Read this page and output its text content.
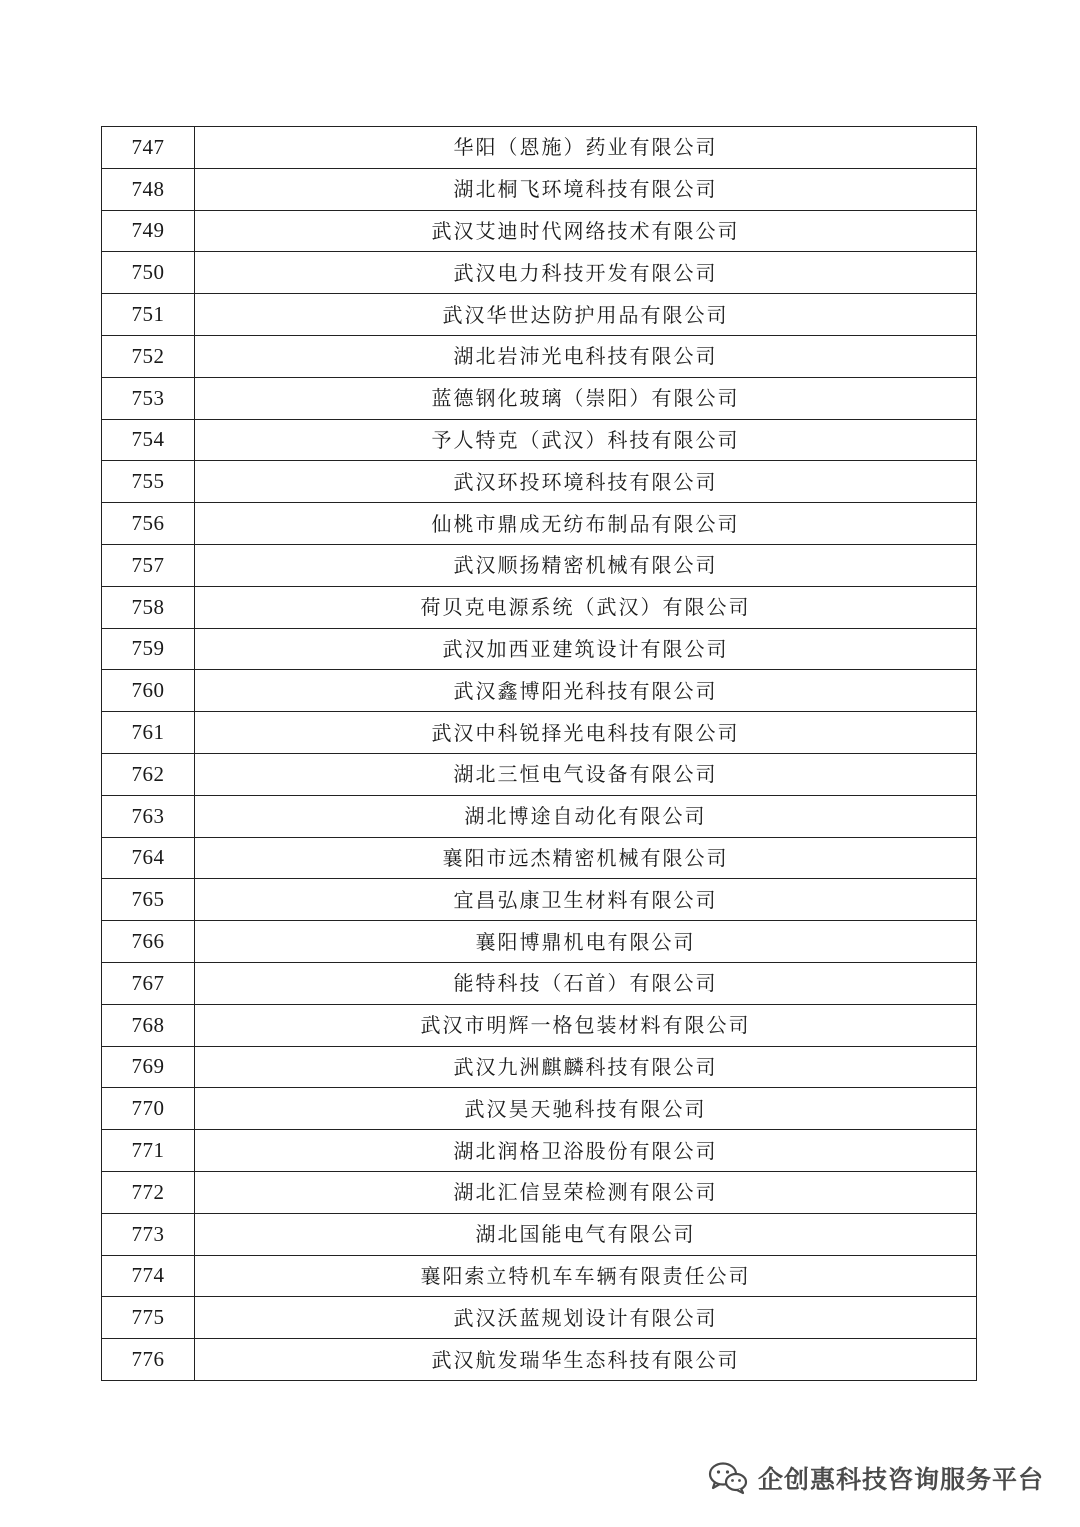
747	华阳（恩施）药业有限公司
748	湖北桐飞环境科技有限公司
749	武汉艾迪时代网络技术有限公司
750	武汉电力科技开发有限公司
751	武汉华世达防护用品有限公司
752	湖北岩沛光电科技有限公司
753	蓝德钢化玻璃（崇阳）有限公司
754	予人特克（武汉）科技有限公司
755	武汉环投环境科技有限公司
756	仙桃市鼎成无纺布制品有限公司
757	武汉顺扬精密机械有限公司
758	荷贝克电源系统（武汉）有限公司
759	武汉加西亚建筑设计有限公司
760	武汉鑫博阳光科技有限公司
761	武汉中科锐择光电科技有限公司
762	湖北三恒电气设备有限公司
763	湖北博途自动化有限公司
764	襄阳市远杰精密机械有限公司
765	宜昌弘康卫生材料有限公司
766	襄阳博鼎机电有限公司
767	能特科技（石首）有限公司
768	武汉市明辉一格包装材料有限公司
769	武汉九洲麒麟科技有限公司
770	武汉昊天驰科技有限公司
771	湖北润格卫浴股份有限公司
772	湖北汇信昱荣检测有限公司
773	湖北国能电气有限公司
774	襄阳索立特机车车辆有限责任公司
775	武汉沃蓝规划设计有限公司
776	武汉航发瑞华生态科技有限公司
企创惠科技咨询服务平台
